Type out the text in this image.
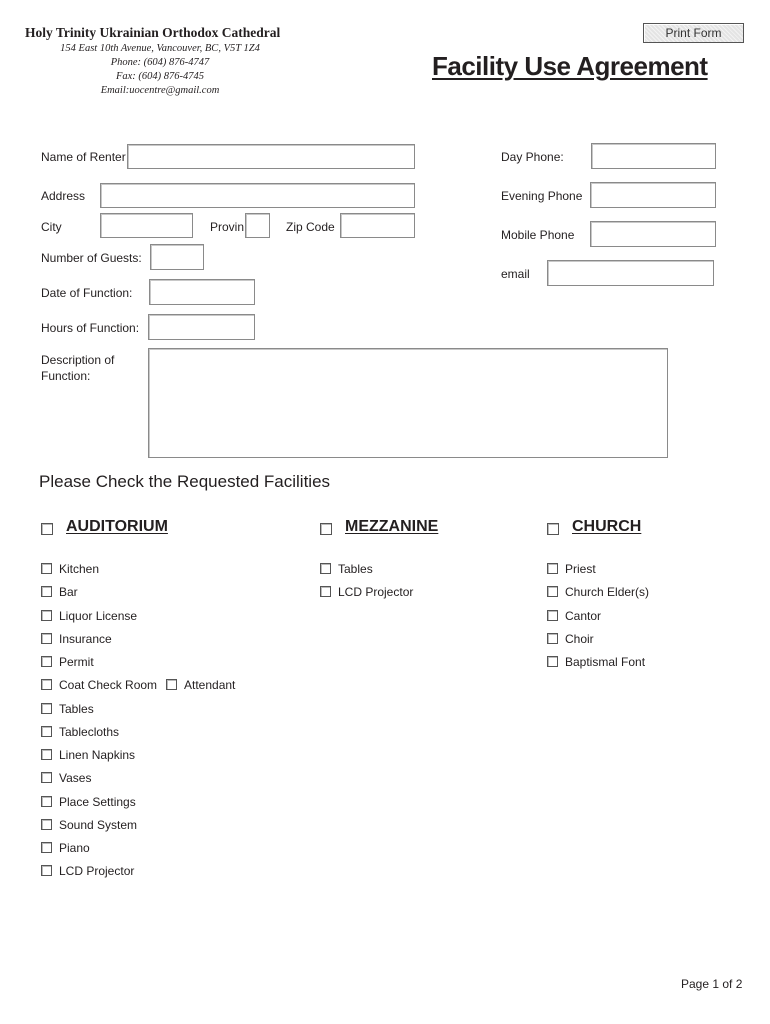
Holy Trinity Ukrainian Orthodox Cathedral
154 East 10th Avenue, Vancouver, BC, V5T 1Z4
Phone: (604) 876-4747
Fax: (604) 876-4745
Email:uocentre@gmail.com
Print Form
Facility Use Agreement
Name of Renter
Address
City	Provin	Zip Code
Number of Guests:
Date of Function:
Hours of Function:
Description of
Function:
Day Phone:
Evening Phone
Mobile Phone
email
Please Check the Requested Facilities
AUDITORIUM	MEZZANINE	CHURCH
Kitchen
Bar
Liquor License
Insurance
Permit
Coat Check Room Attendant
Tables
Tablecloths
Linen Napkins
Vases
Place Settings
Sound System
Piano
LCD Projector
Tables
LCD Projector
Priest
Church Elder(s)
Cantor
Choir
Baptismal Font
Page 1 of 2
